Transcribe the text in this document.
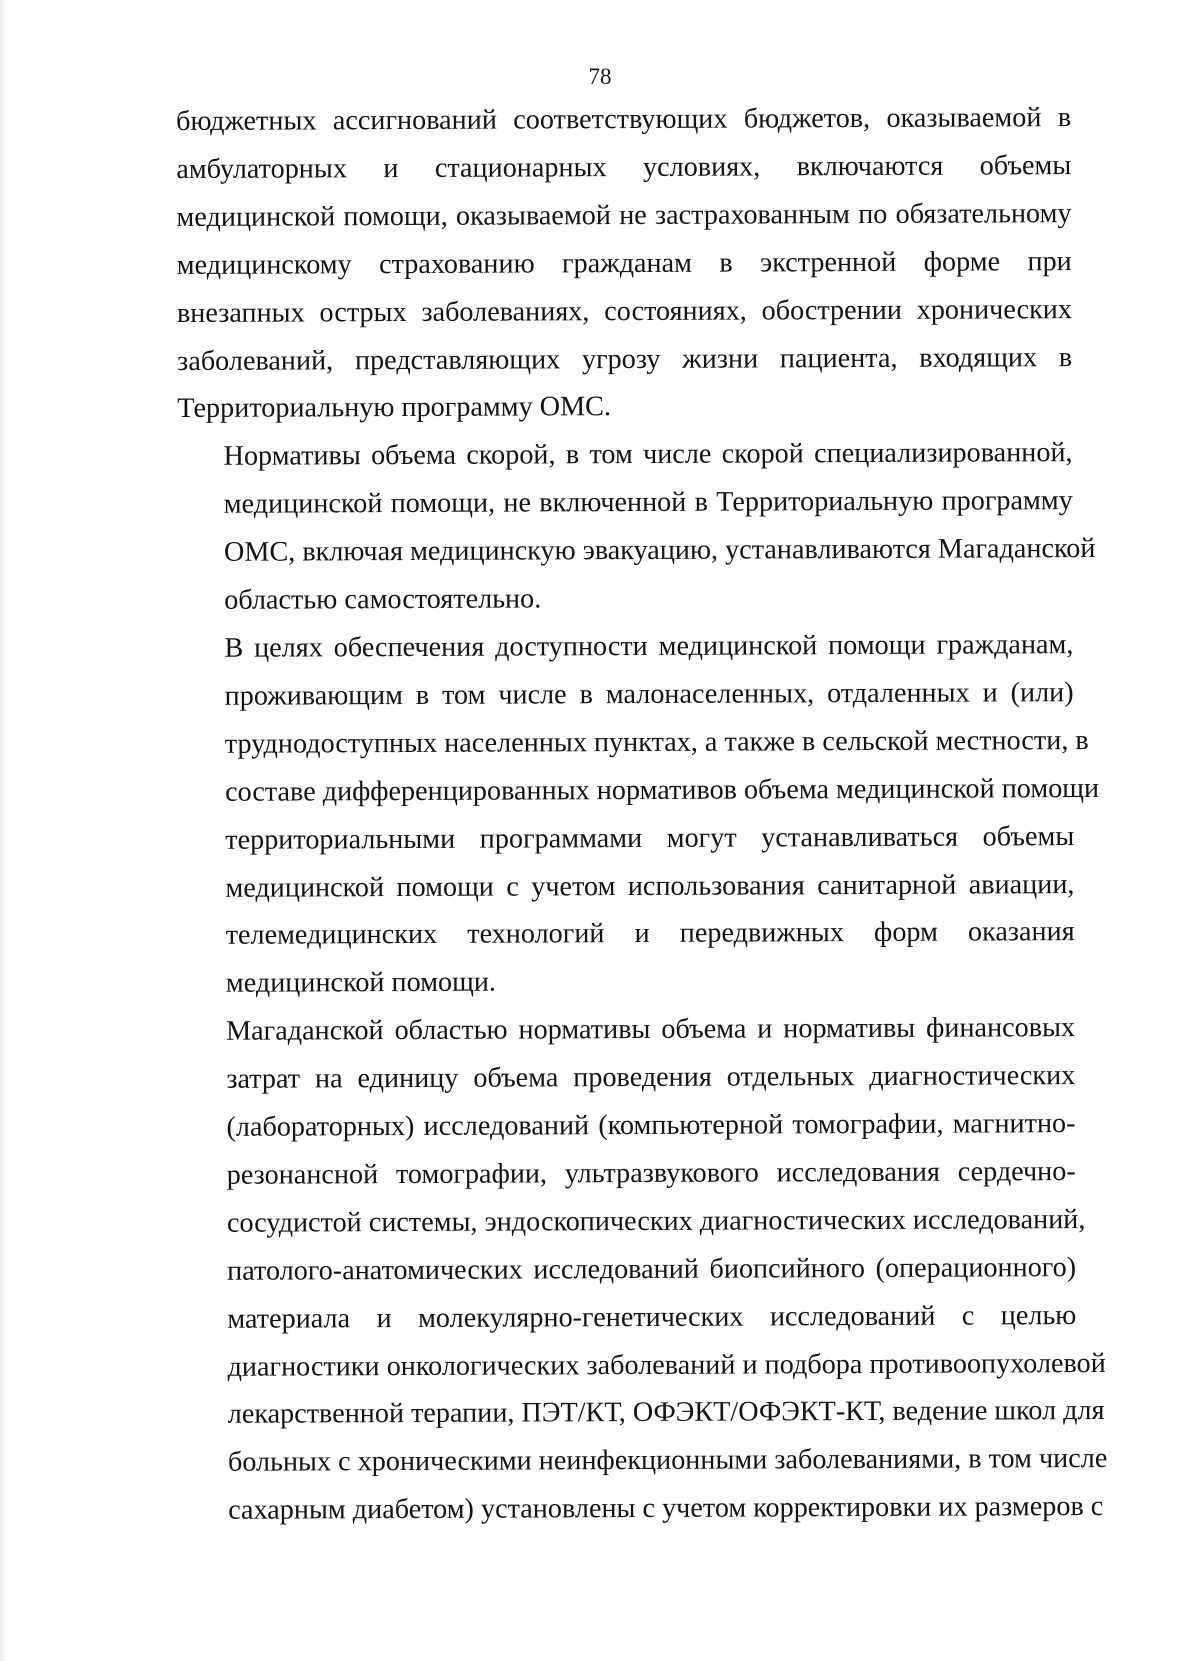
78
бюджетных ассигнований соответствующих бюджетов, оказываемой в
амбулаторных и стационарных условиях, включаются объемы
медицинской помощи, оказываемой не застрахованным по обязательному
медицинскому страхованию гражданам в экстренной форме при
внезапных острых заболеваниях, состояниях, обострении хронических
заболеваний, представляющих угрозу жизни пациента, входящих в
Территориальную программу ОМС.
Нормативы объема скорой, в том числе скорой специализированной,
медицинской помощи, не включенной в Территориальную программу
ОМС, включая медицинскую эвакуацию, устанавливаются Магаданской
областью самостоятельно.
В целях обеспечения доступности медицинской помощи гражданам,
проживающим в том числе в малонаселенных, отдаленных и (или)
труднодоступных населенных пунктах, а также в сельской местности, в
составе дифференцированных нормативов объема медицинской помощи
территориальными программами могут устанавливаться объемы
медицинской помощи с учетом использования санитарной авиации,
телемедицинских технологий и передвижных форм оказания
медицинской помощи.
Магаданской областью нормативы объема и нормативы финансовых
затрат на единицу объема проведения отдельных диагностических
(лабораторных) исследований (компьютерной томографии, магнитно-
резонансной томографии, ультразвукового исследования сердечно-
сосудистой системы, эндоскопических диагностических исследований,
патолого-анатомических исследований биопсийного (операционного)
материала и молекулярно-генетических исследований с целью
диагностики онкологических заболеваний и подбора противоопухолевой
лекарственной терапии, ПЭТ/КТ, ОФЭКТ/ОФЭКТ-КТ, ведение школ для
больных с хроническими неинфекционными заболеваниями, в том числе
сахарным диабетом) установлены с учетом корректировки их размеров с
